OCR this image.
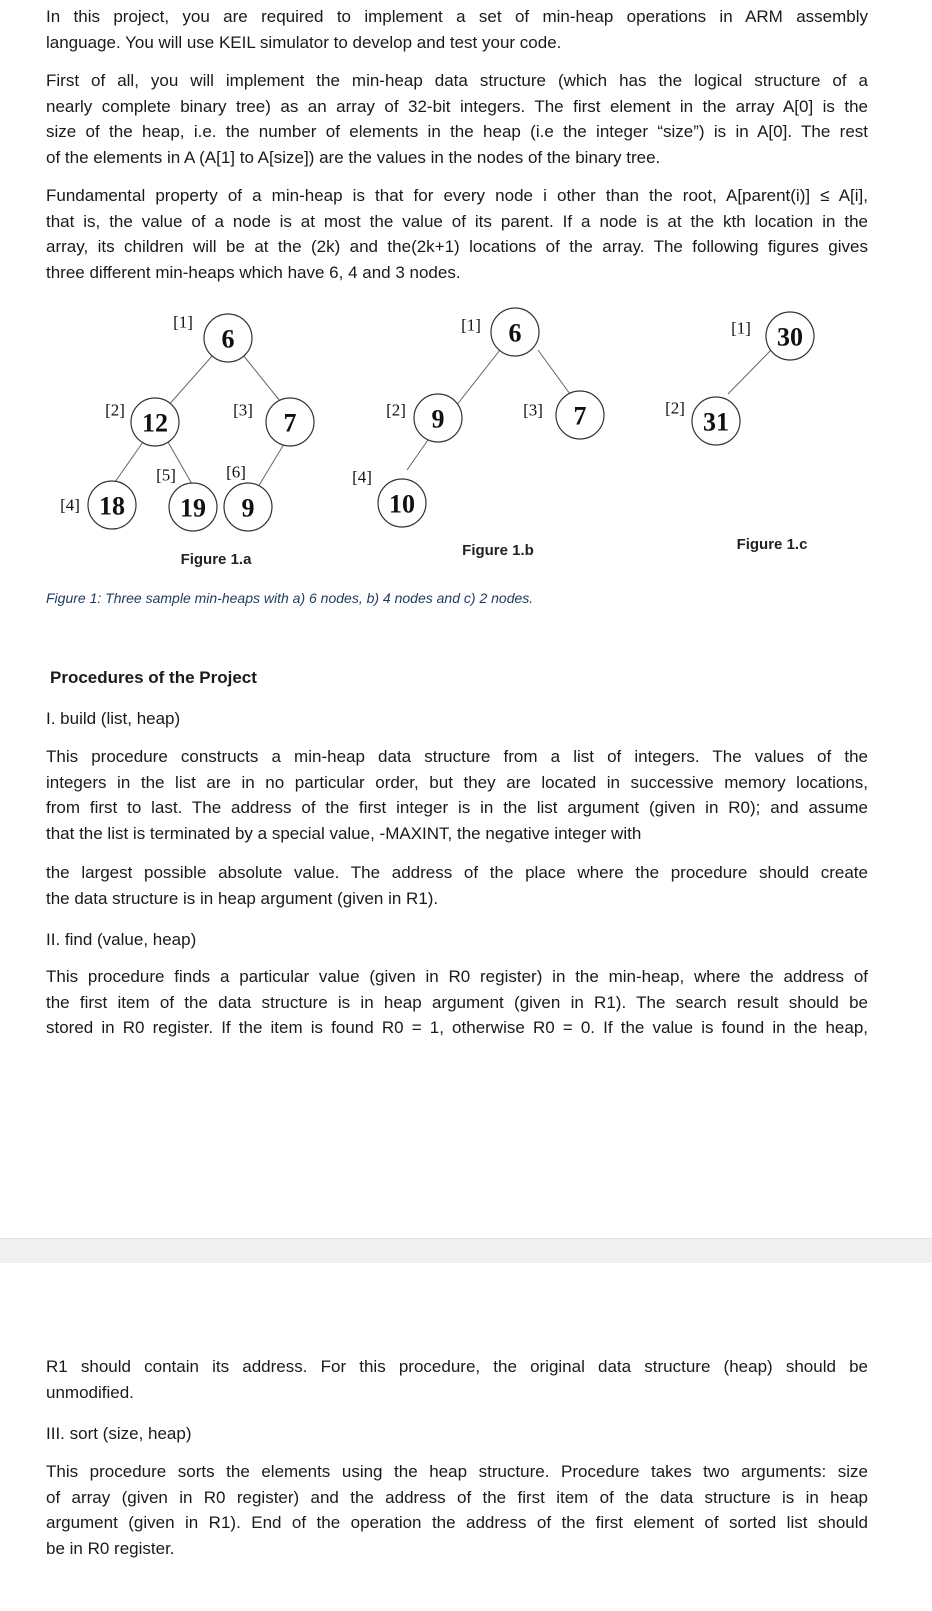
In this project, you are required to implement a set of min-heap operations in ARM assembly
language. You will use KEIL simulator to develop and test your code.
First of all, you will implement the min-heap data structure (which has the logical structure of a
nearly complete binary tree) as an array of 32-bit integers. The first element in the array A[0] is the
size of the heap, i.e. the number of elements in the heap (i.e the integer “size”) is in A[0]. The rest
of the elements in A (A[1] to A[size]) are the values in the nodes of the binary tree.
Fundamental property of a min-heap is that for every node i other than the root, A[parent(i)] ≤ A[i],
that is, the value of a node is at most the value of its parent. If a node is at the kth location in the
array, its children will be at the (2k) and the(2k+1) locations of the array. The following figures gives
three different min-heaps which have 6, 4 and 3 nodes.
6
12	7
18 19 9
[1]
[2]	[3]
[4]
[5]	[6]
Figure 1.a
6
9	7
10
[1]
[2]	[3]
[4]
Figure 1.b
30
31
[1]
[2]
Figure 1.c
Figure 1: Three sample min-heaps with a) 6 nodes, b) 4 nodes and c) 2 nodes.
Procedures of the Project
I. build (list, heap)
This procedure constructs a min-heap data structure from a list of integers. The values of the
integers in the list are in no particular order, but they are located in successive memory locations,
from first to last. The address of the first integer is in the list argument (given in R0); and assume
that the list is terminated by a special value, -MAXINT, the negative integer with
the largest possible absolute value. The address of the place where the procedure should create
the data structure is in heap argument (given in R1).
II. find (value, heap)
This procedure finds a particular value (given in R0 register) in the min-heap, where the address of
the first item of the data structure is in heap argument (given in R1). The search result should be
stored in R0 register. If the item is found R0 = 1, otherwise R0 = 0. If the value is found in the heap,
R1 should contain its address. For this procedure, the original data structure (heap) should be
unmodified.
III. sort (size, heap)
This procedure sorts the elements using the heap structure. Procedure takes two arguments: size
of array (given in R0 register) and the address of the first item of the data structure is in heap
argument (given in R1). End of the operation the address of the first element of sorted list should
be in R0 register.
